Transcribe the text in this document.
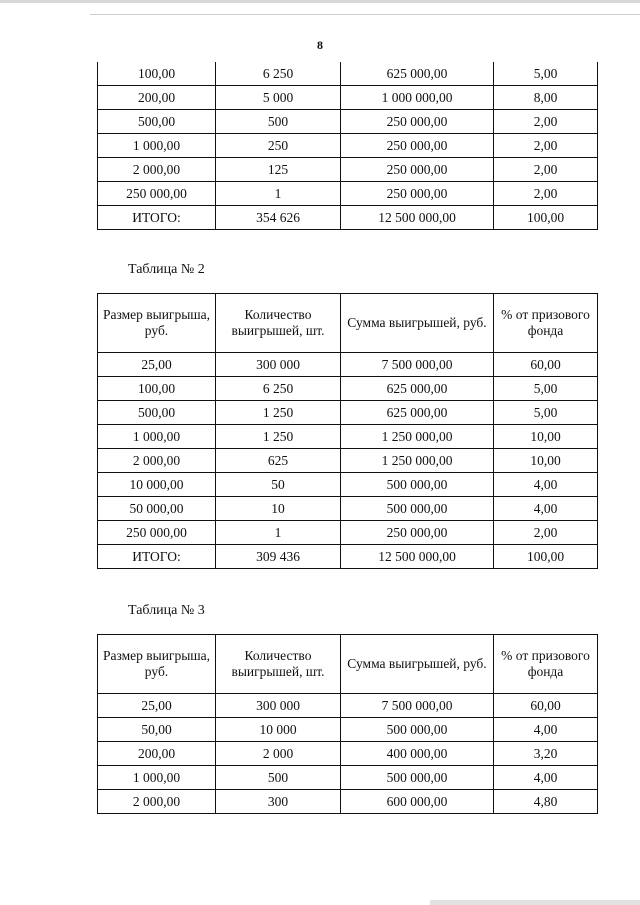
8
100,00	6 250	625 000,00	5,00
200,00	5 000	1 000 000,00	8,00
500,00	500	250 000,00	2,00
1 000,00	250	250 000,00	2,00
2 000,00	125	250 000,00	2,00
250 000,00	1	250 000,00	2,00
ИТОГО:	354 626	12 500 000,00	100,00
Таблица № 2
Размер выигрыша, руб.	Количество выигрышей, шт.	Сумма выигрышей, руб.	% от призового фонда
25,00	300 000	7 500 000,00	60,00
100,00	6 250	625 000,00	5,00
500,00	1 250	625 000,00	5,00
1 000,00	1 250	1 250 000,00	10,00
2 000,00	625	1 250 000,00	10,00
10 000,00	50	500 000,00	4,00
50 000,00	10	500 000,00	4,00
250 000,00	1	250 000,00	2,00
ИТОГО:	309 436	12 500 000,00	100,00
Таблица № 3
Размер выигрыша, руб.	Количество выигрышей, шт.	Сумма выигрышей, руб.	% от призового фонда
25,00	300 000	7 500 000,00	60,00
50,00	10 000	500 000,00	4,00
200,00	2 000	400 000,00	3,20
1 000,00	500	500 000,00	4,00
2 000,00	300	600 000,00	4,80
